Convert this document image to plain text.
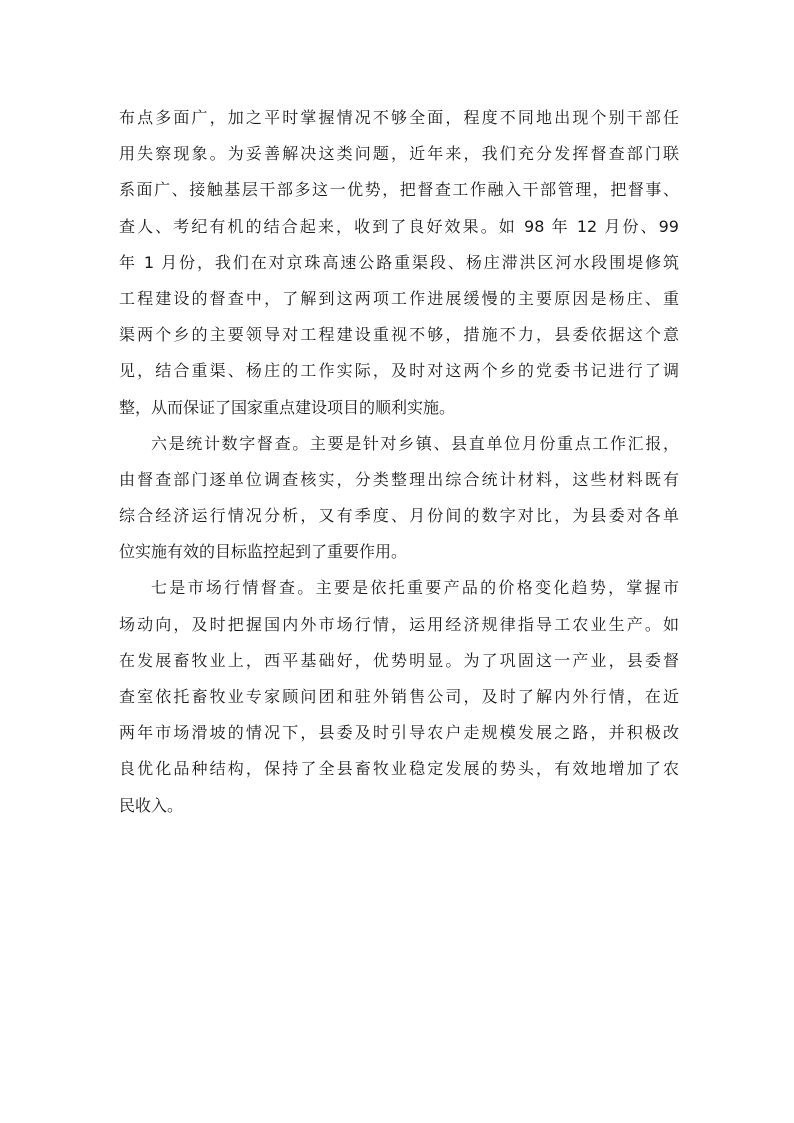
布点多面广，加之平时掌握情况不够全面，程度不同地出现个别干部任
用失察现象。为妥善解决这类问题，近年来，我们充分发挥督查部门联
系面广、接触基层干部多这一优势，把督查工作融入干部管理，把督事、
查人、考纪有机的结合起来，收到了良好效果。如 98 年 12 月份、99
年 1 月份，我们在对京珠高速公路重渠段、杨庄滞洪区河水段围堤修筑
工程建设的督查中，了解到这两项工作进展缓慢的主要原因是杨庄、重
渠两个乡的主要领导对工程建设重视不够，措施不力，县委依据这个意
见，结合重渠、杨庄的工作实际，及时对这两个乡的党委书记进行了调
整，从而保证了国家重点建设项目的顺利实施。
六是统计数字督查。主要是针对乡镇、县直单位月份重点工作汇报，
由督查部门逐单位调查核实，分类整理出综合统计材料，这些材料既有
综合经济运行情况分析，又有季度、月份间的数字对比，为县委对各单
位实施有效的目标监控起到了重要作用。
七是市场行情督查。主要是依托重要产品的价格变化趋势，掌握市
场动向，及时把握国内外市场行情，运用经济规律指导工农业生产。如
在发展畜牧业上，西平基础好，优势明显。为了巩固这一产业，县委督
查室依托畜牧业专家顾问团和驻外销售公司，及时了解内外行情，在近
两年市场滑坡的情况下，县委及时引导农户走规模发展之路，并积极改
良优化品种结构，保持了全县畜牧业稳定发展的势头，有效地增加了农
民收入。
